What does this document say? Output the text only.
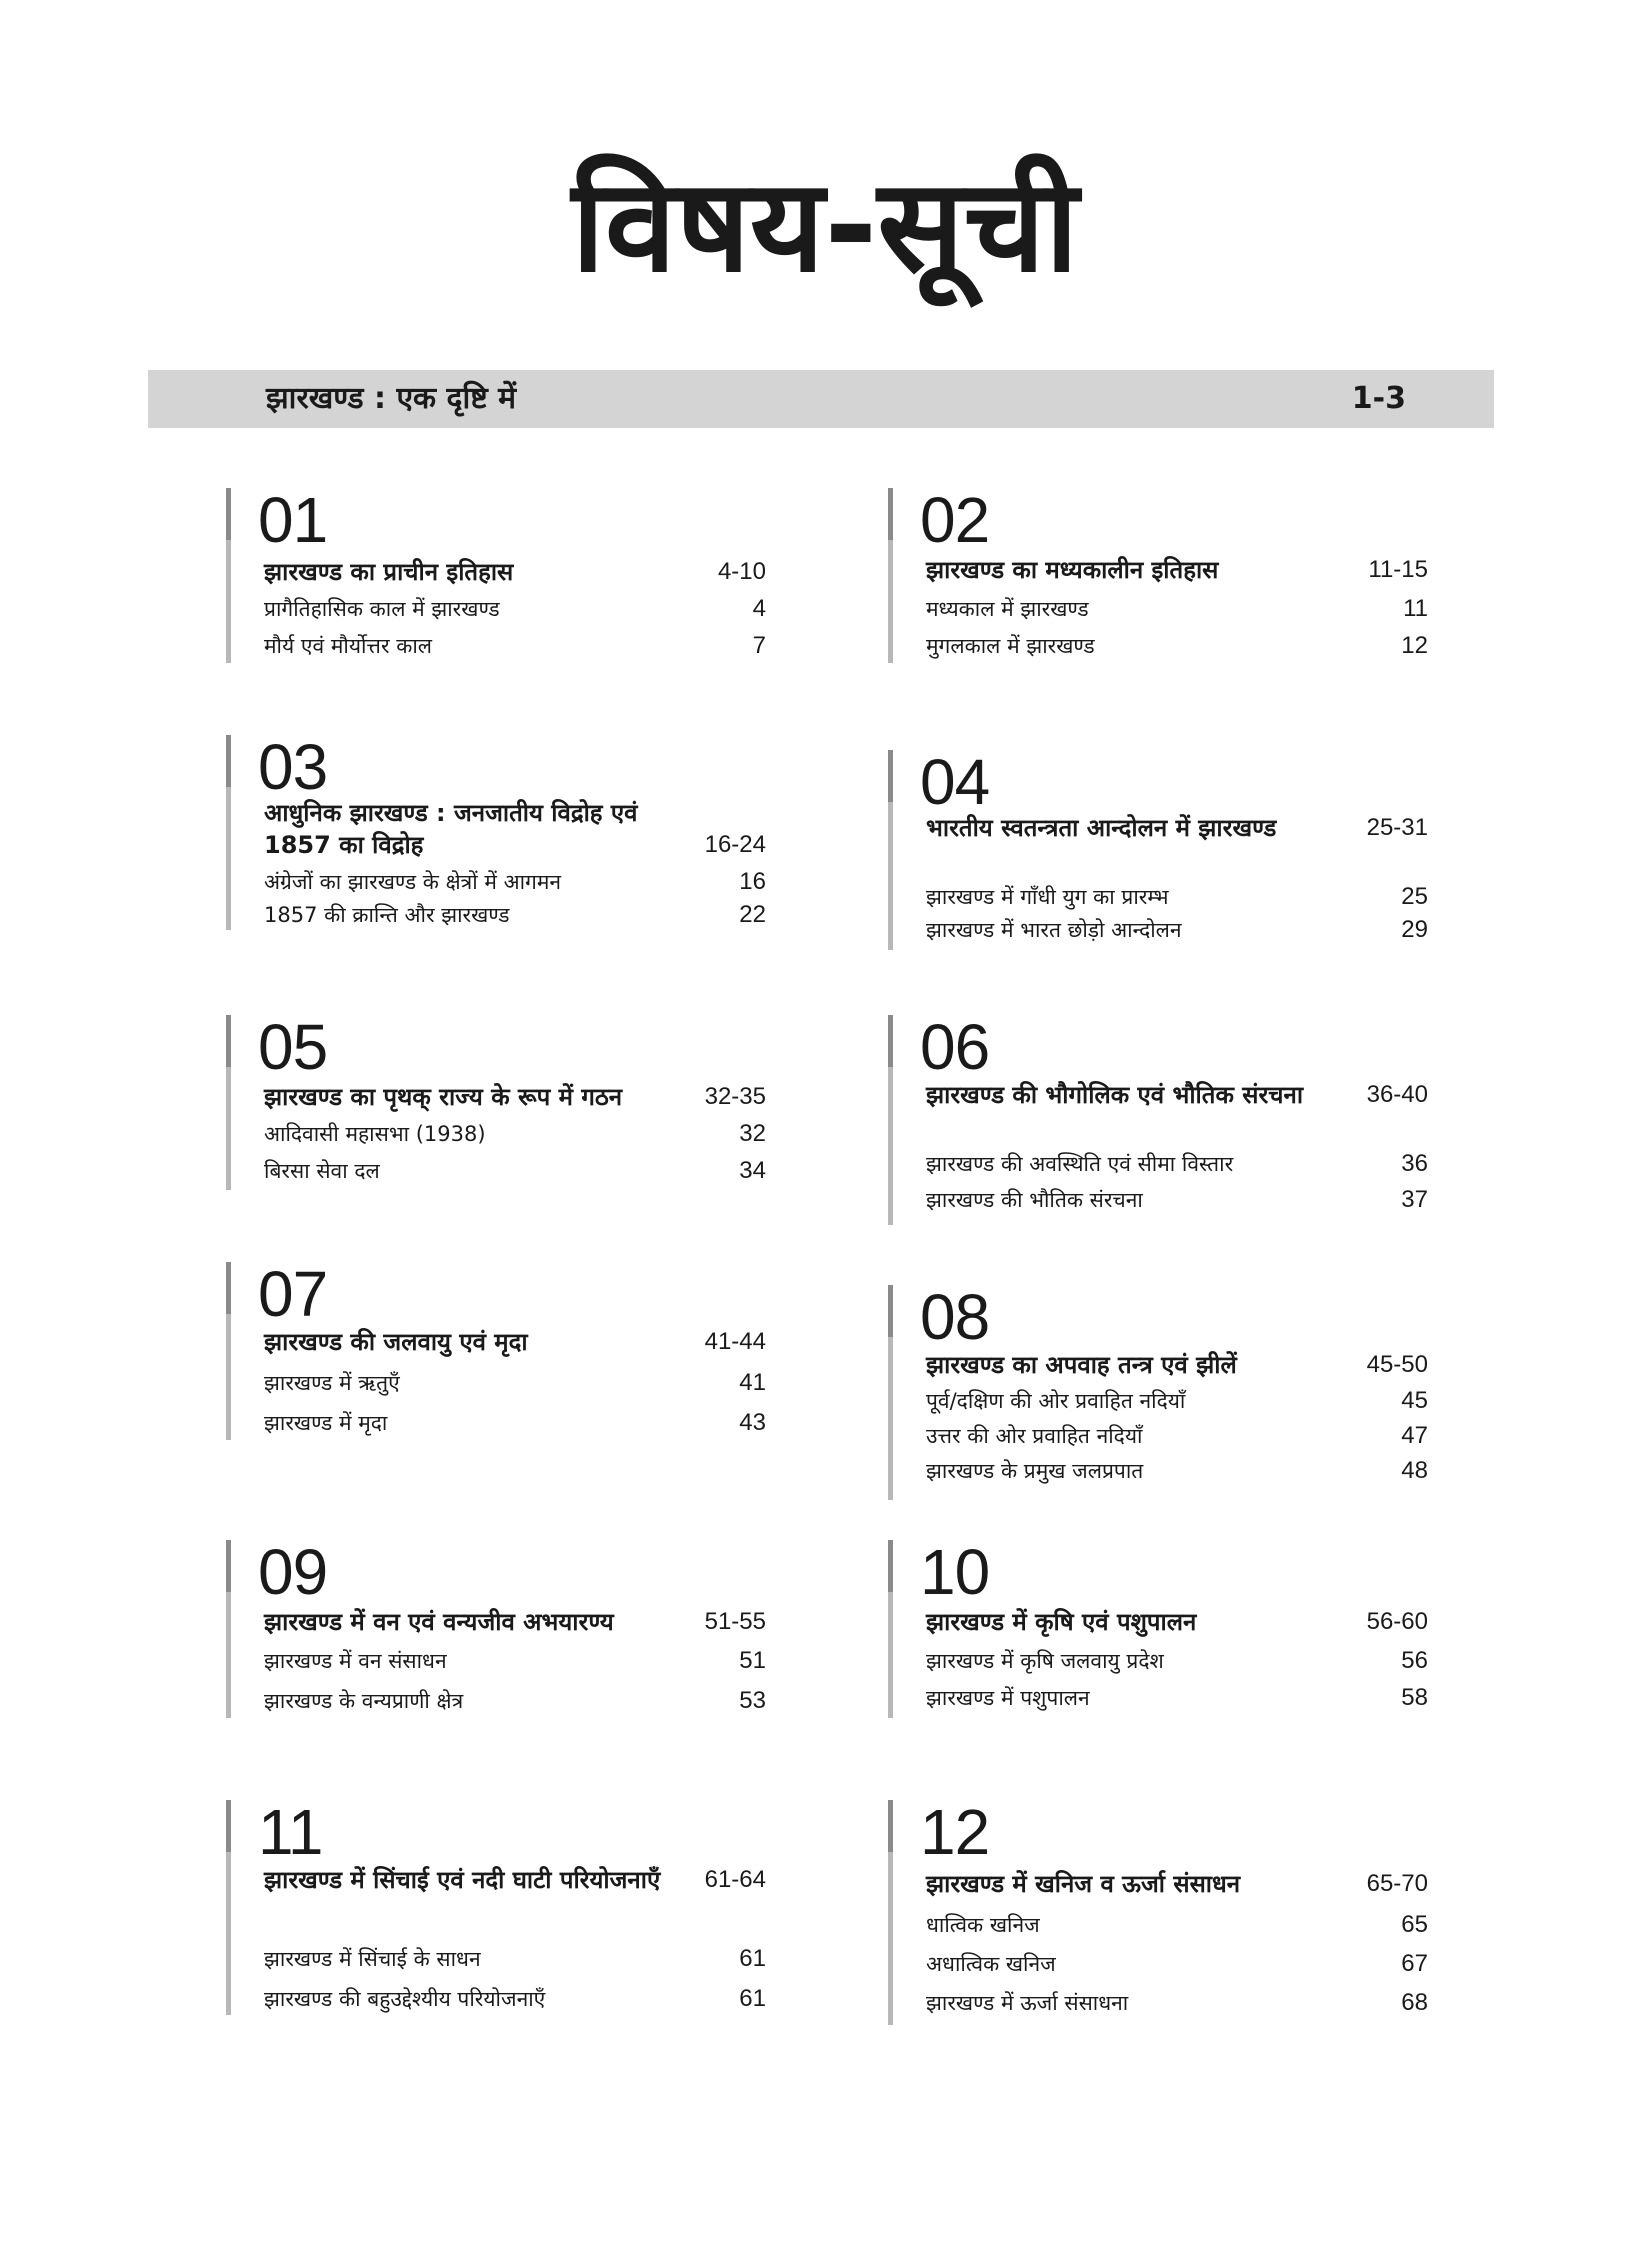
विषय-सूची
झारखण्ड : एक दृष्टि में	1-3
01
झारखण्ड का प्राचीन इतिहास	4-10
प्रागैतिहासिक काल में झारखण्ड	4
मौर्य एवं मौर्योत्तर काल	7
02
झारखण्ड का मध्यकालीन इतिहास	11-15
मध्यकाल में झारखण्ड	11
मुगलकाल में झारखण्ड	12
03
आधुनिक झारखण्ड : जनजातीय विद्रोह एवं 1857 का विद्रोह	16-24
अंग्रेजों का झारखण्ड के क्षेत्रों में आगमन	16
1857 की क्रान्ति और झारखण्ड	22
04
भारतीय स्वतन्त्रता आन्दोलन में झारखण्ड	25-31
झारखण्ड में गाँधी युग का प्रारम्भ	25
झारखण्ड में भारत छोड़ो आन्दोलन	29
05
झारखण्ड का पृथक् राज्य के रूप में गठन	32-35
आदिवासी महासभा (1938)	32
बिरसा सेवा दल	34
06
झारखण्ड की भौगोलिक एवं भौतिक संरचना	36-40
झारखण्ड की अवस्थिति एवं सीमा विस्तार	36
झारखण्ड की भौतिक संरचना	37
07
झारखण्ड की जलवायु एवं मृदा	41-44
झारखण्ड में ऋतुएँ	41
झारखण्ड में मृदा	43
08
झारखण्ड का अपवाह तन्त्र एवं झीलें	45-50
पूर्व/दक्षिण की ओर प्रवाहित नदियाँ	45
उत्तर की ओर प्रवाहित नदियाँ	47
झारखण्ड के प्रमुख जलप्रपात	48
09
झारखण्ड में वन एवं वन्यजीव अभयारण्य	51-55
झारखण्ड में वन संसाधन	51
झारखण्ड के वन्यप्राणी क्षेत्र	53
10
झारखण्ड में कृषि एवं पशुपालन	56-60
झारखण्ड में कृषि जलवायु प्रदेश	56
झारखण्ड में पशुपालन	58
11
झारखण्ड में सिंचाई एवं नदी घाटी परियोजनाएँ	61-64
झारखण्ड में सिंचाई के साधन	61
झारखण्ड की बहुउद्देश्यीय परियोजनाएँ	61
12
झारखण्ड में खनिज व ऊर्जा संसाधन	65-70
धात्विक खनिज	65
अधात्विक खनिज	67
झारखण्ड में ऊर्जा संसाधना	68
